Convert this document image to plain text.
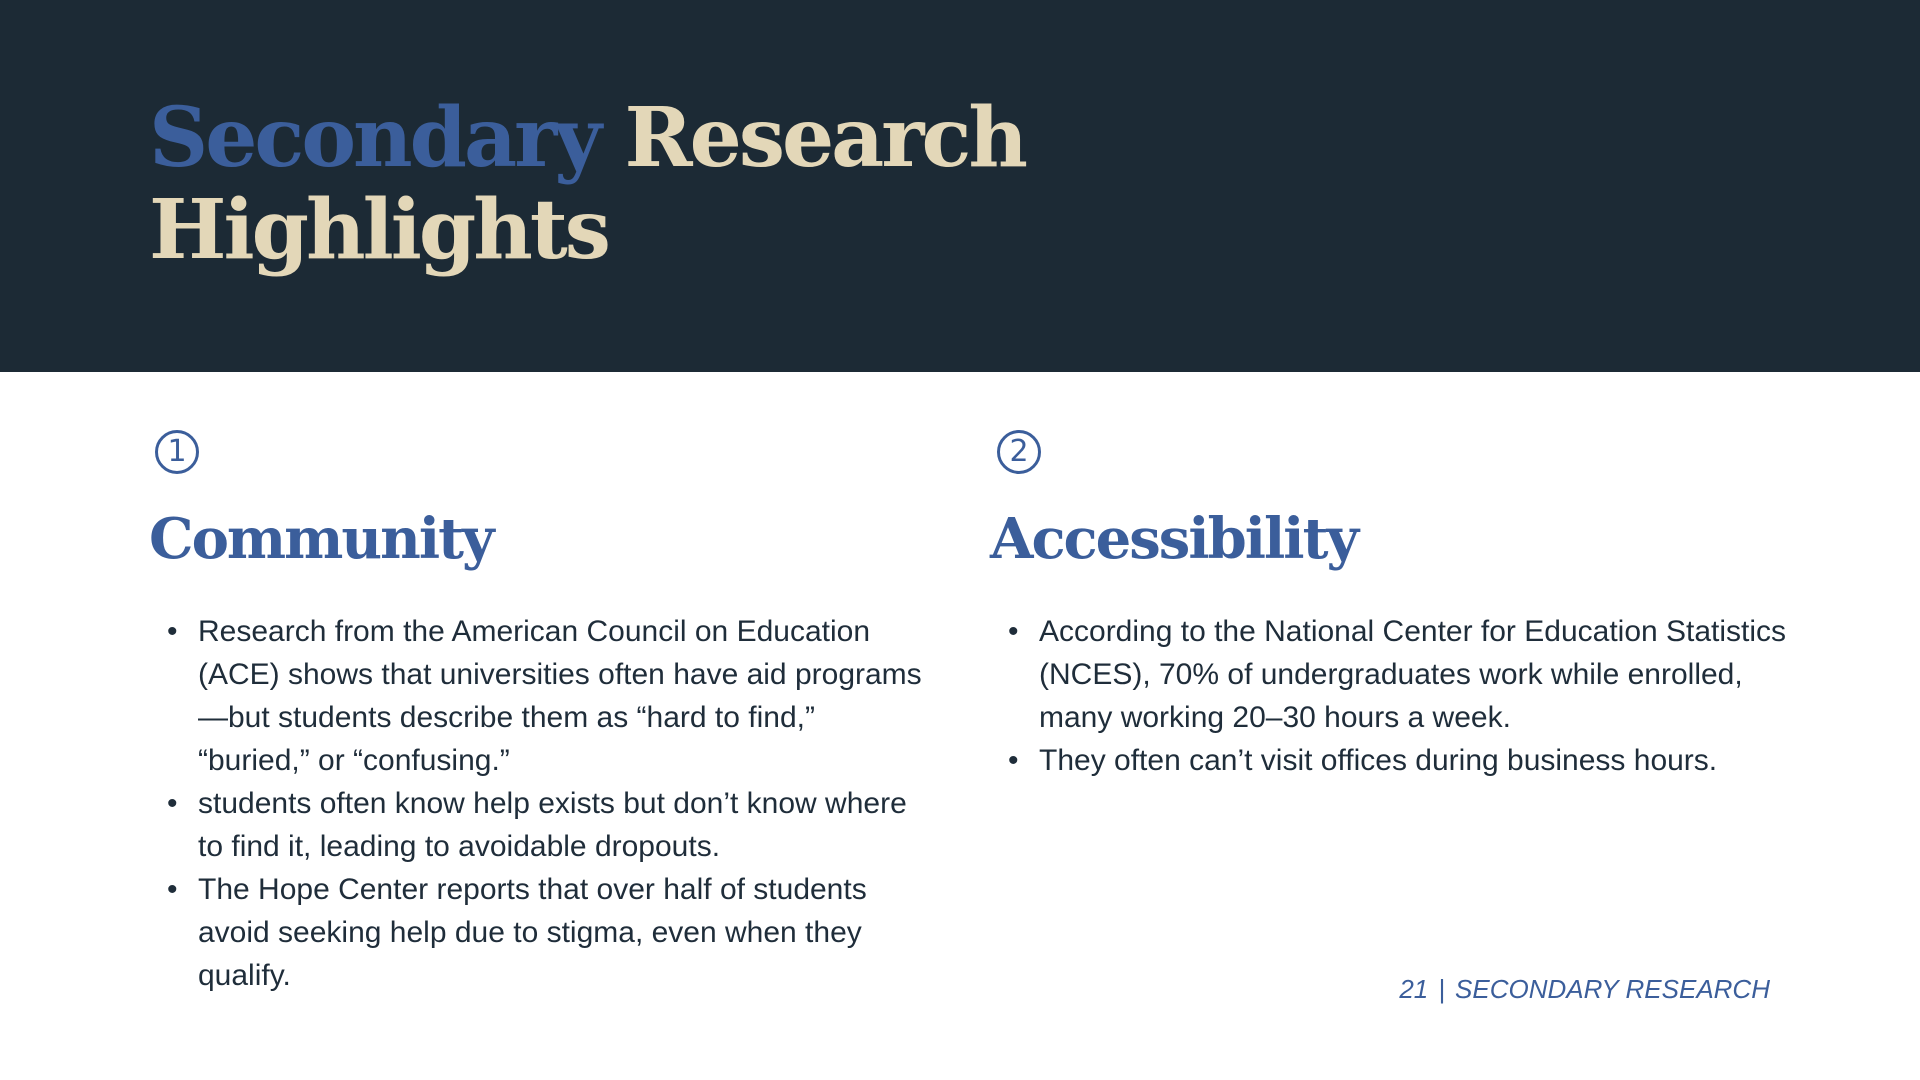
Secondary Research
Highlights
1
Community
• Research from the American Council on Education (ACE) shows that universities often have aid programs—but students describe them as “hard to find,” “buried,” or “confusing.”
• students often know help exists but don’t know where to find it, leading to avoidable dropouts.
• The Hope Center reports that over half of students avoid seeking help due to stigma, even when they qualify.
2
Accessibility
• According to the National Center for Education Statistics (NCES), 70% of undergraduates work while enrolled, many working 20–30 hours a week.
• They often can’t visit offices during business hours.
21 | SECONDARY RESEARCH
